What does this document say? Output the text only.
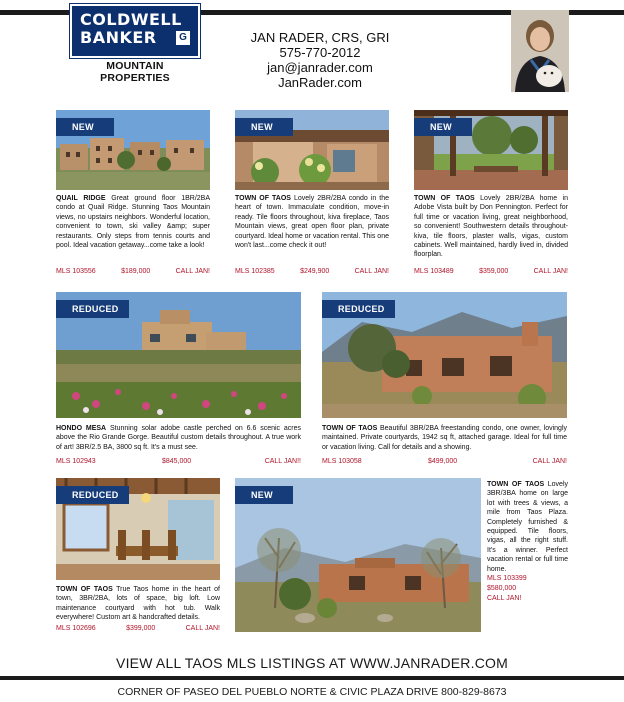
COLDWELL
BANKER	G
MOUNTAIN PROPERTIES
JAN RADER, CRS, GRI
575-770-2012
jan@janrader.com
JanRader.com
NEW
QUAIL RIDGE Great ground floor 1BR/2BA condo at Quail Ridge. Stunning Taos Mountain views, no upstairs neighbors. Wonderful location, convenient to town, ski valley &amp; super restaurants. Only steps from tennis courts and pool. Ideal vacation getaway...come take a look!
MLS 103556	$189,000	CALL JAN!
NEW
TOWN OF TAOS Lovely 2BR/2BA condo in the heart of town. Immaculate condition, move-in ready. Tile floors throughout, kiva fireplace, Taos Mountain views, great open floor plan, private courtyard. Ideal home or vacation rental. This one won't last...come check it out!
MLS 102385	$249,900	CALL JAN!
NEW
TOWN OF TAOS Lovely 2BR/2BA home in Adobe Vista built by Don Pennington. Perfect for full time or vacation living, great neighborhood, so convenient! Southwestern details throughout-kiva, tile floors, plaster walls, vigas, custom cabinets. Well maintained, hardly lived in, divided floorplan.
MLS 103489	$359,000	CALL JAN!
REDUCED
HONDO MESA Stunning solar adobe castle perched on 6.6 scenic acres above the Rio Grande Gorge. Beautiful custom details throughout. A true work of art! 3BR/2.5 BA, 3800 sq ft. It's a must see.
MLS 102943	$845,000	CALL JAN!!
REDUCED
TOWN OF TAOS Beautiful 3BR/2BA freestanding condo, one owner, lovingly maintained. Private courtyards, 1942 sq ft, attached garage. Ideal for full time or vacation living. Call for details and a showing.
MLS 103058	$499,000	CALL JAN!
REDUCED
TOWN OF TAOS True Taos home in the heart of town, 3BR/2BA, lots of space, big loft. Low maintenance courtyard with hot tub. Walk everywhere! Custom art & handcrafted details.
MLS 102696	$399,000	CALL JAN!
NEW
TOWN OF TAOS Lovely 3BR/3BA home on large lot with trees & views, a mile from Taos Plaza. Completely furnished & equipped. Tile floors, vigas, all the right stuff. It's a winner. Perfect vacation rental or full time home.
MLS 103399
$580,000
CALL JAN!
VIEW ALL TAOS MLS LISTINGS AT WWW.JANRADER.COM
CORNER OF PASEO DEL PUEBLO NORTE & CIVIC PLAZA DRIVE 800-829-8673
